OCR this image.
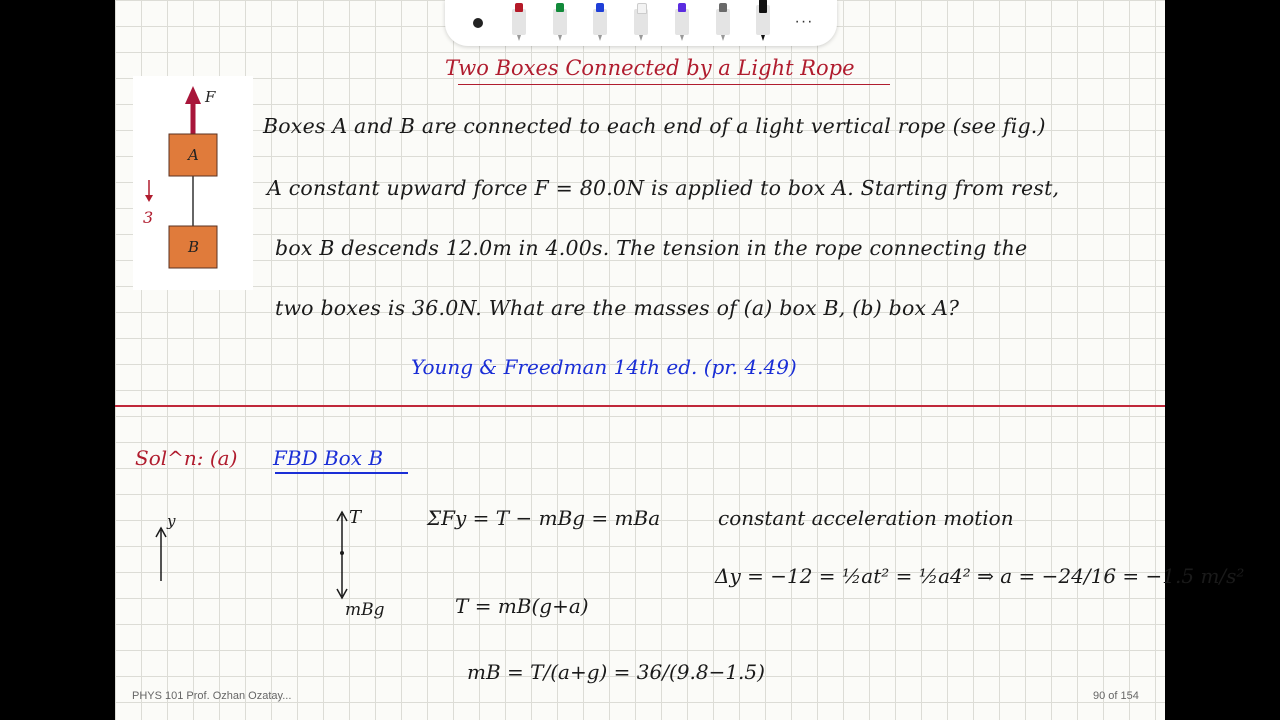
F
A
B
3
Two Boxes Connected by a Light Rope
Boxes A and B are connected to each end of a light vertical rope (see fig.)
A constant upward force F = 80.0N is applied to box A. Starting from rest,
box B descends 12.0m in 4.00s. The tension in the rope connecting the
two boxes is 36.0N. What are the masses of (a) box B, (b) box A?
Young & Freedman 14th ed. (pr. 4.49)
Sol^n: (a) FBD Box B
y	T
mBg
ΣFy = T − mBg = mBa	constant acceleration motion
Δy = −12 = ½at² = ½a4² ⇒ a = −24/16 = −1.5 m/s²
T = mB(g+a)
mB = T/(a+g) = 36/(9.8−1.5)
···
PHYS 101 Prof. Ozhan Ozatay...	90 of 154
